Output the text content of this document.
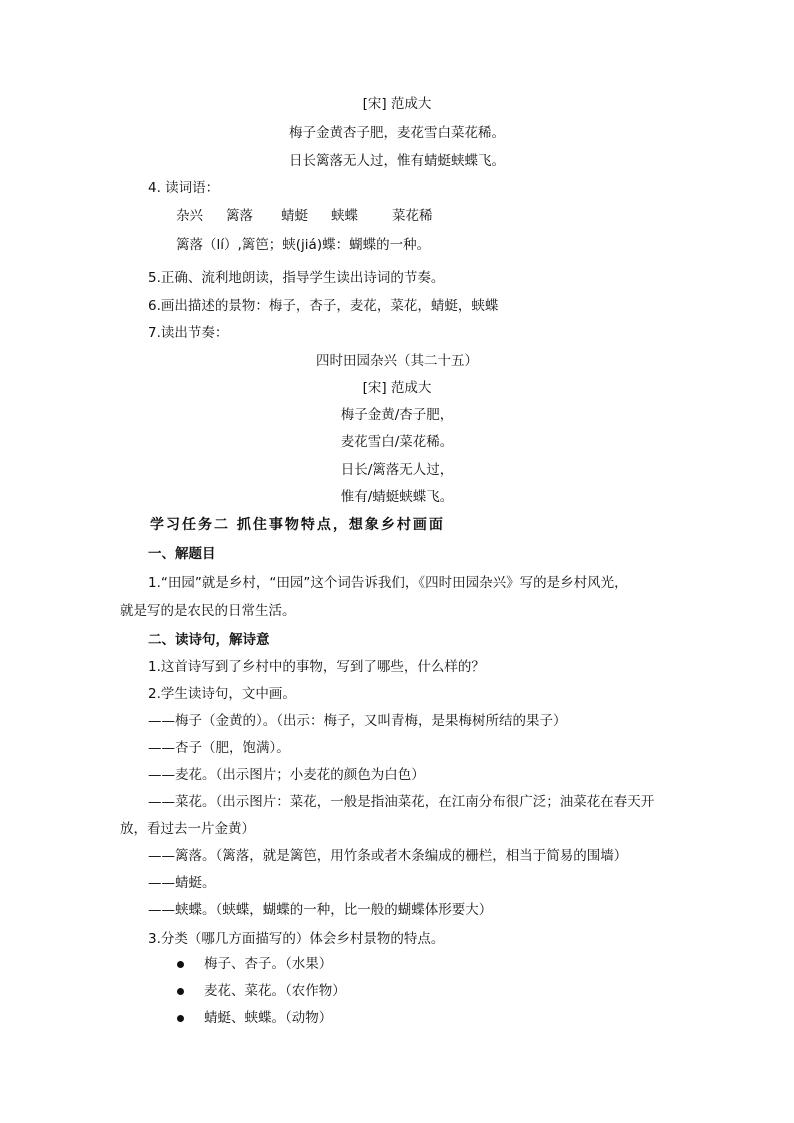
[宋] 范成大
梅子金黄杏子肥，麦花雪白菜花稀。
日长篱落无人过，惟有蜻蜓蛱蝶飞。
4. 读词语：
杂兴 篱落 蜻蜓 蛱蝶	菜花稀
篱落（lí）,篱笆；蛱(jiá)蝶：蝴蝶的一种。
5.正确、流利地朗读，指导学生读出诗词的节奏。
6.画出描述的景物：梅子，杏子，麦花，菜花，蜻蜓，蛱蝶
7.读出节奏：
四时田园杂兴（其二十五）
[宋] 范成大
梅子金黄/杏子肥，
麦花雪白/菜花稀。
日长/篱落无人过，
惟有/蜻蜓蛱蝶飞。
学习任务二 抓住事物特点，想象乡村画面
一、解题目
1.“田园”就是乡村，“田园”这个词告诉我们，《四时田园杂兴》写的是乡村风光，
就是写的是农民的日常生活。
二、读诗句，解诗意
1.这首诗写到了乡村中的事物，写到了哪些，什么样的？
2.学生读诗句，文中画。
——梅子（金黄的）。（出示：梅子，又叫青梅，是果梅树所结的果子）
——杏子（肥，饱满）。
——麦花。（出示图片；小麦花的颜色为白色）
——菜花。（出示图片：菜花，一般是指油菜花，在江南分布很广泛；油菜花在春天开
放，看过去一片金黄）
——篱落。（篱落，就是篱笆，用竹条或者木条编成的栅栏，相当于简易的围墙）
——蜻蜓。
——蛱蝶。（蛱蝶，蝴蝶的一种，比一般的蝴蝶体形要大）
3.分类（哪几方面描写的）体会乡村景物的特点。
梅子、杏子。（水果）
麦花、菜花。（农作物）
蜻蜓、蛱蝶。（动物）
